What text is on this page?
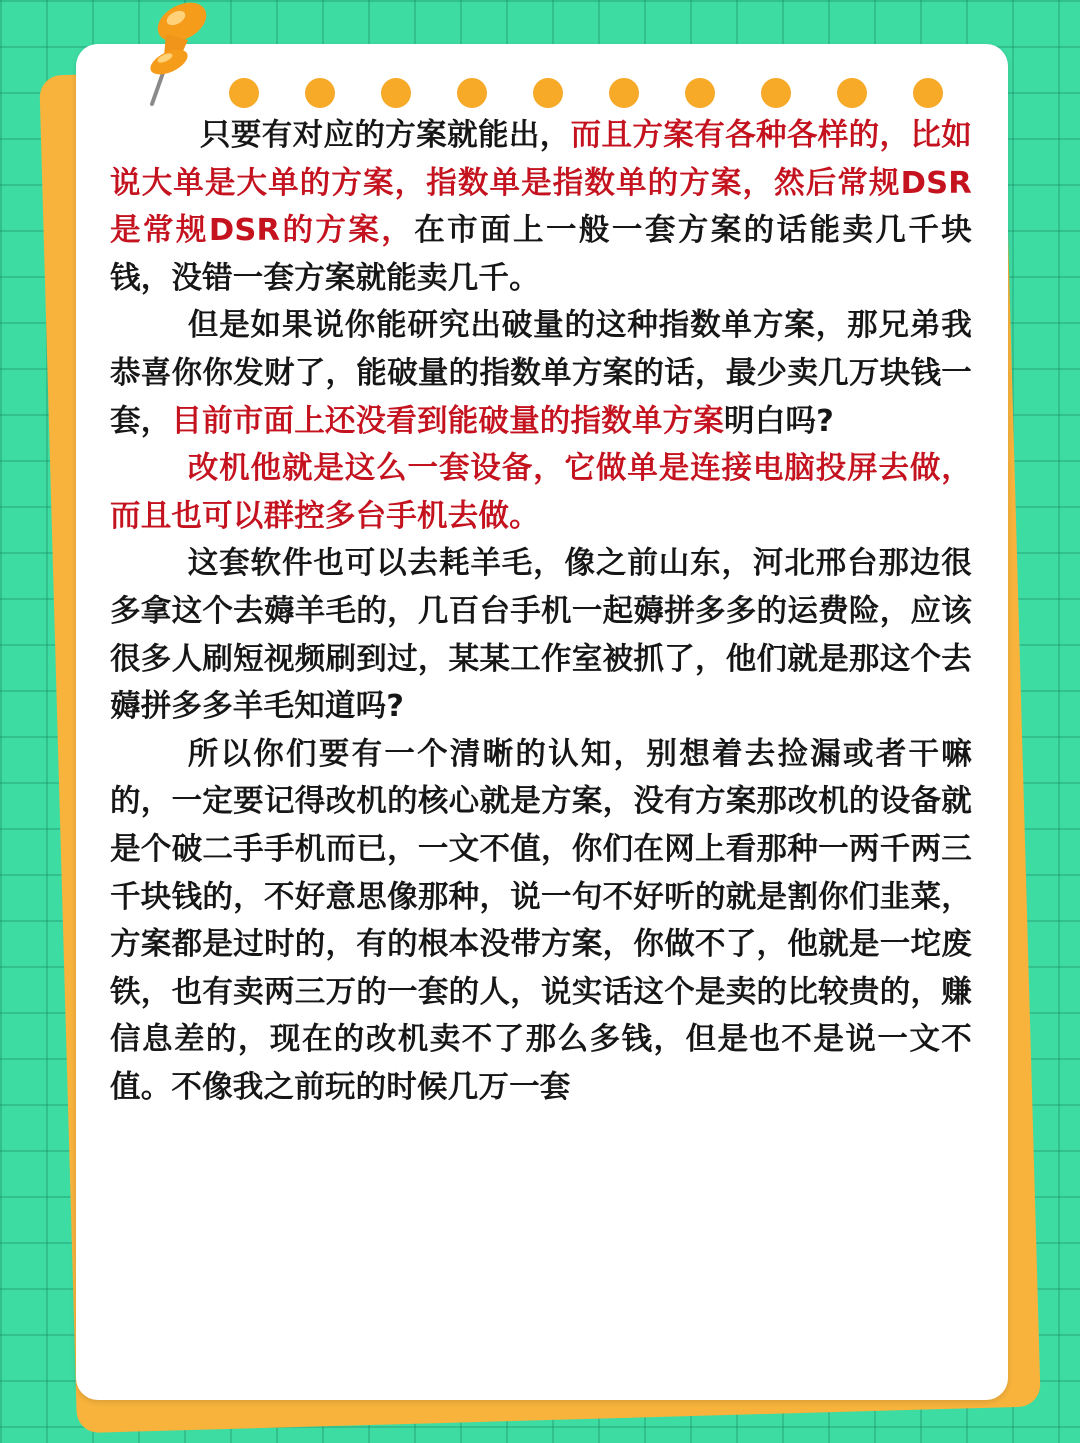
只要有对应的方案就能出，而且方案有各种各样的，比如说大单是大单的方案，指数单是指数单的方案，然后常规DSR是常规DSR的方案，在市面上一般一套方案的话能卖几千块钱，没错一套方案就能卖几千。

但是如果说你能研究出破量的这种指数单方案，那兄弟我恭喜你你发财了，能破量的指数单方案的话，最少卖几万块钱一套，目前市面上还没看到能破量的指数单方案明白吗?

改机他就是这么一套设备，它做单是连接电脑投屏去做，而且也可以群控多台手机去做。

这套软件也可以去耗羊毛，像之前山东，河北邢台那边很多拿这个去薅羊毛的，几百台手机一起薅拼多多的运费险，应该很多人刷短视频刷到过，某某工作室被抓了，他们就是那这个去薅拼多多羊毛知道吗?

所以你们要有一个清晰的认知，别想着去捡漏或者干嘛的，一定要记得改机的核心就是方案，没有方案那改机的设备就是个破二手手机而已，一文不值，你们在网上看那种一两千两三千块钱的，不好意思像那种，说一句不好听的就是割你们韭菜，方案都是过时的，有的根本没带方案，你做不了，他就是一坨废铁，也有卖两三万的一套的人，说实话这个是卖的比较贵的，赚信息差的，现在的改机卖不了那么多钱，但是也不是说一文不值。不像我之前玩的时候几万一套
